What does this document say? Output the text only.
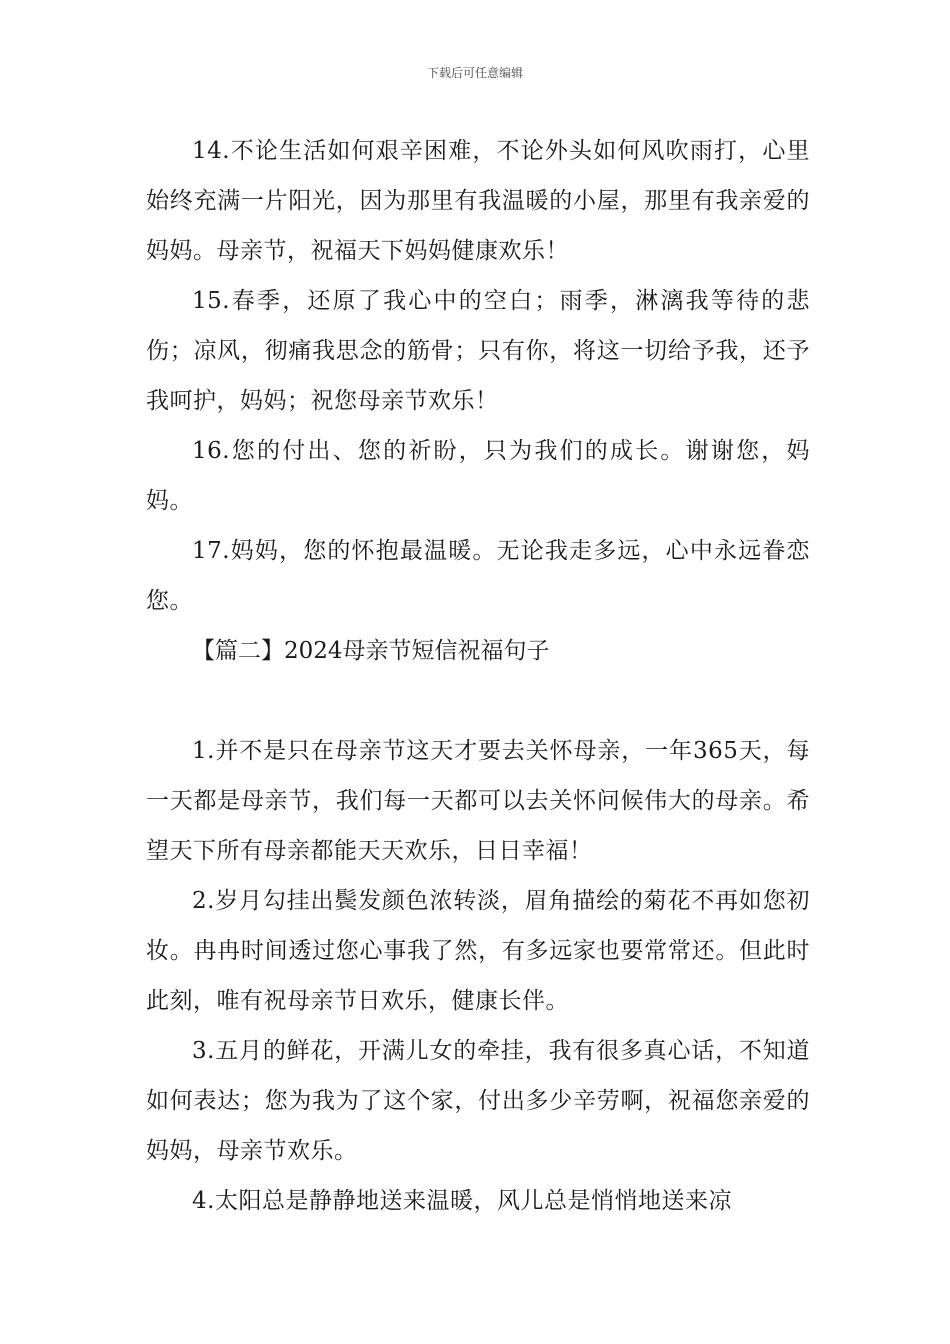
下载后可任意编辑

14.不论生活如何艰辛困难，不论外头如何风吹雨打，心里始终充满一片阳光，因为那里有我温暖的小屋，那里有我亲爱的妈妈。母亲节，祝福天下妈妈健康欢乐！

15.春季，还原了我心中的空白；雨季，淋漓我等待的悲伤；凉风，彻痛我思念的筋骨；只有你，将这一切给予我，还予我呵护，妈妈；祝您母亲节欢乐！

16.您的付出、您的祈盼，只为我们的成长。谢谢您，妈妈。

17.妈妈，您的怀抱最温暖。无论我走多远，心中永远眷恋您。

【篇二】2024母亲节短信祝福句子

1.并不是只在母亲节这天才要去关怀母亲，一年365天，每一天都是母亲节，我们每一天都可以去关怀问候伟大的母亲。希望天下所有母亲都能天天欢乐，日日幸福！

2.岁月勾挂出鬓发颜色浓转淡，眉角描绘的菊花不再如您初妆。冉冉时间透过您心事我了然，有多远家也要常常还。但此时此刻，唯有祝母亲节日欢乐，健康长伴。

3.五月的鲜花，开满儿女的牵挂，我有很多真心话，不知道如何表达；您为我为了这个家，付出多少辛劳啊，祝福您亲爱的妈妈，母亲节欢乐。

4.太阳总是静静地送来温暖，风儿总是悄悄地送来凉
